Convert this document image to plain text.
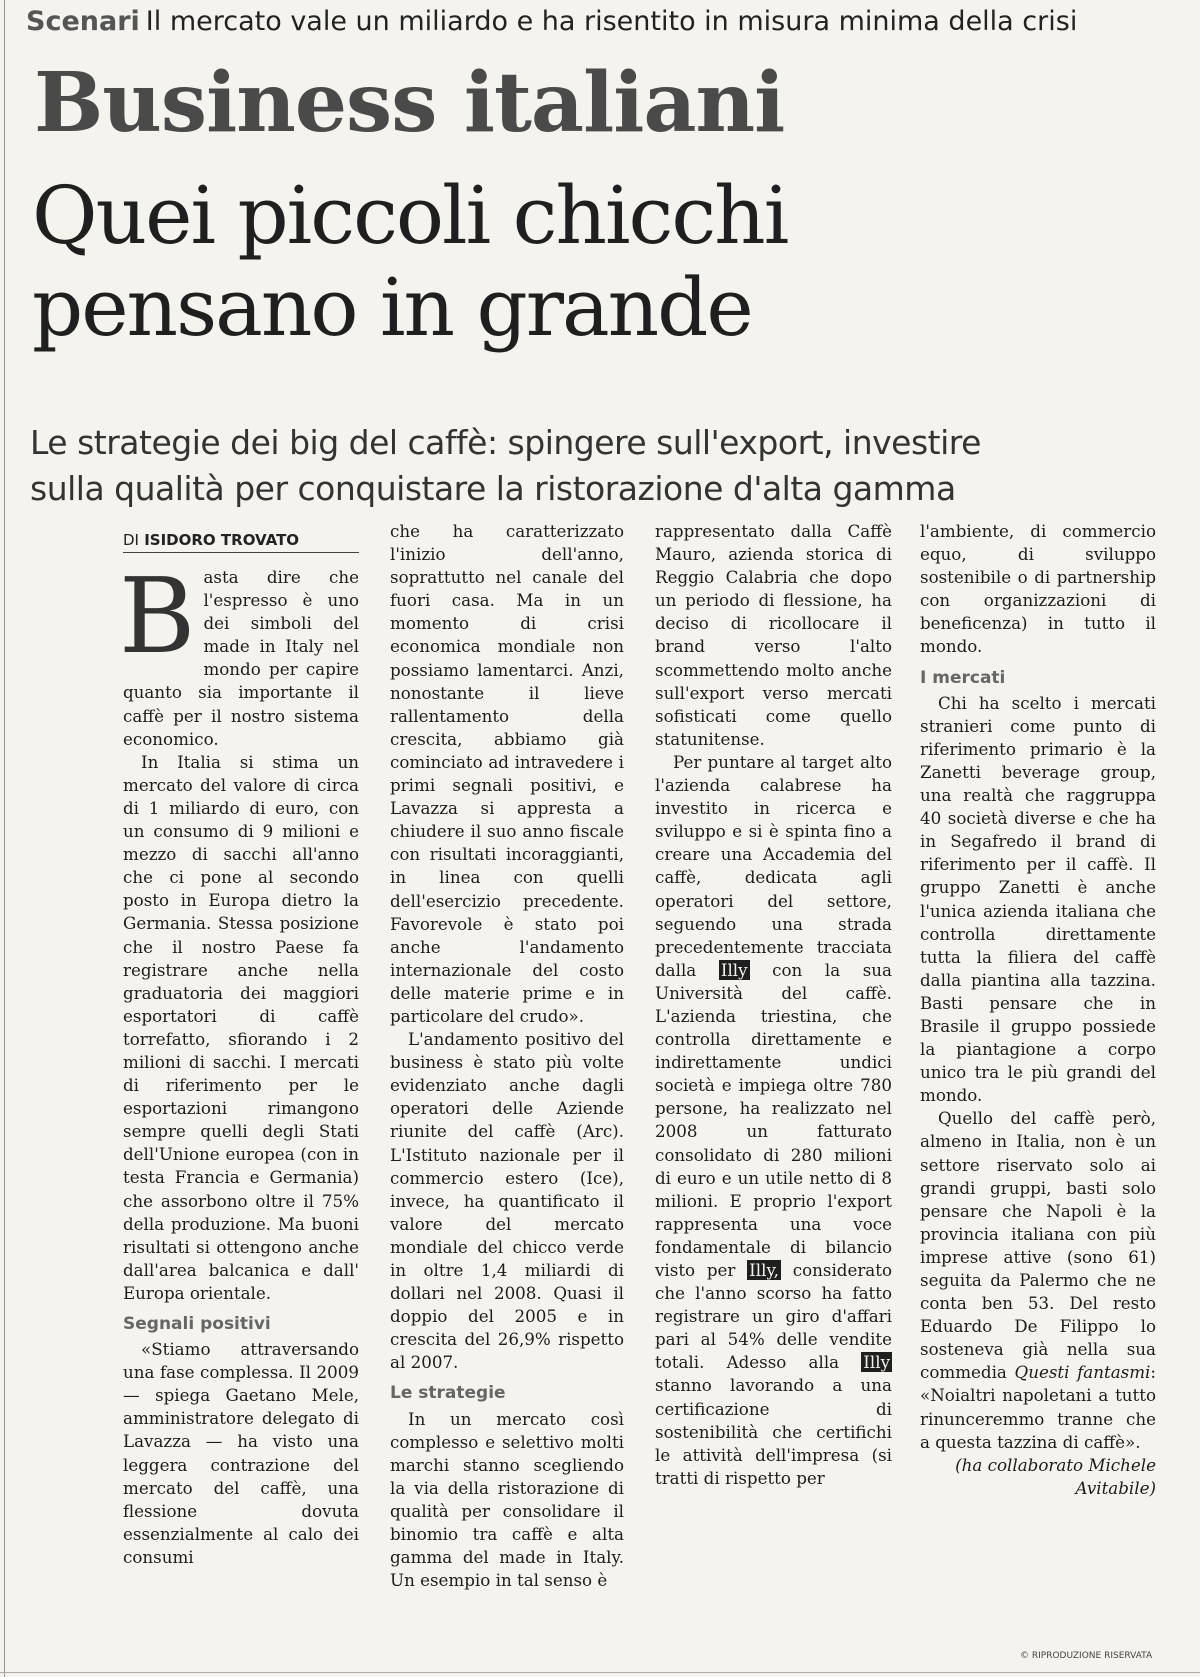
Scenari Il mercato vale un miliardo e ha risentito in misura minima della crisi
Business italiani
Quei piccoli chicchi
pensano in grande
Le strategie dei big del caffè: spingere sull'export, investire
sulla qualità per conquistare la ristorazione d'alta gamma
DI ISIDORO TROVATO
B asta dire che l'espresso è uno dei simboli del made in Italy nel mondo per capire quanto sia importante il caffè per il nostro sistema economico.

In Italia si stima un mercato del valore di circa di 1 miliardo di euro, con un consumo di 9 milioni e mezzo di sacchi all'anno che ci pone al secondo posto in Europa dietro la Germania. Stessa posizione che il nostro Paese fa registrare anche nella graduatoria dei maggiori esportatori di caffè torrefatto, sfiorando i 2 milioni di sacchi. I mercati di riferimento per le esportazioni rimangono sempre quelli degli Stati dell'Unione europea (con in testa Francia e Germania) che assorbono oltre il 75% della produzione. Ma buoni risultati si ottengono anche dall'area balcanica e dall' Europa orientale.

Segnali positivi

«Stiamo attraversando una fase complessa. Il 2009 — spiega Gaetano Mele, amministratore delegato di Lavazza — ha visto una leggera contrazione del mercato del caffè, una flessione dovuta essenzialmente al calo dei consumi

che ha caratterizzato l'inizio dell'anno, soprattutto nel canale del fuori casa. Ma in un momento di crisi economica mondiale non possiamo lamentarci. Anzi, nonostante il lieve rallentamento della crescita, abbiamo già cominciato ad intravedere i primi segnali positivi, e Lavazza si appresta a chiudere il suo anno fiscale con risultati incoraggianti, in linea con quelli dell'esercizio precedente. Favorevole è stato poi anche l'andamento internazionale del costo delle materie prime e in particolare del crudo».

L'andamento positivo del business è stato più volte evidenziato anche dagli operatori delle Aziende riunite del caffè (Arc). L'Istituto nazionale per il commercio estero (Ice), invece, ha quantificato il valore del mercato mondiale del chicco verde in oltre 1,4 miliardi di dollari nel 2008. Quasi il doppio del 2005 e in crescita del 26,9% rispetto al 2007.

Le strategie

In un mercato così complesso e selettivo molti marchi stanno scegliendo la via della ristorazione di qualità per consolidare il binomio tra caffè e alta gamma del made in Italy. Un esempio in tal senso è

rappresentato dalla Caffè Mauro, azienda storica di Reggio Calabria che dopo un periodo di flessione, ha deciso di ricollocare il brand verso l'alto scommettendo molto anche sull'export verso mercati sofisticati come quello statunitense.

Per puntare al target alto l'azienda calabrese ha investito in ricerca e sviluppo e si è spinta fino a creare una Accademia del caffè, dedicata agli operatori del settore, seguendo una strada precedentemente tracciata dalla Illy con la sua Università del caffè. L'azienda triestina, che controlla direttamente e indirettamente undici società e impiega oltre 780 persone, ha realizzato nel 2008 un fatturato consolidato di 280 milioni di euro e un utile netto di 8 milioni. E proprio l'export rappresenta una voce fondamentale di bilancio visto per Illy, considerato che l'anno scorso ha fatto registrare un giro d'affari pari al 54% delle vendite totali. Adesso alla Illy stanno lavorando a una certificazione di sostenibilità che certifichi le attività dell'impresa (si tratti di rispetto per

l'ambiente, di commercio equo, di sviluppo sostenibile o di partnership con organizzazioni di beneficenza) in tutto il mondo.

I mercati

Chi ha scelto i mercati stranieri come punto di riferimento primario è la Zanetti beverage group, una realtà che raggruppa 40 società diverse e che ha in Segafredo il brand di riferimento per il caffè. Il gruppo Zanetti è anche l'unica azienda italiana che controlla direttamente tutta la filiera del caffè dalla piantina alla tazzina. Basti pensare che in Brasile il gruppo possiede la piantagione a corpo unico tra le più grandi del mondo.

Quello del caffè però, almeno in Italia, non è un settore riservato solo ai grandi gruppi, basti solo pensare che Napoli è la provincia italiana con più imprese attive (sono 61) seguita da Palermo che ne conta ben 53. Del resto Eduardo De Filippo lo sosteneva già nella sua commedia Questi fantasmi: «Noialtri napoletani a tutto rinunceremmo tranne che a questa tazzina di caffè».

(ha collaborato Michele Avitabile)

© RIPRODUZIONE RISERVATA
